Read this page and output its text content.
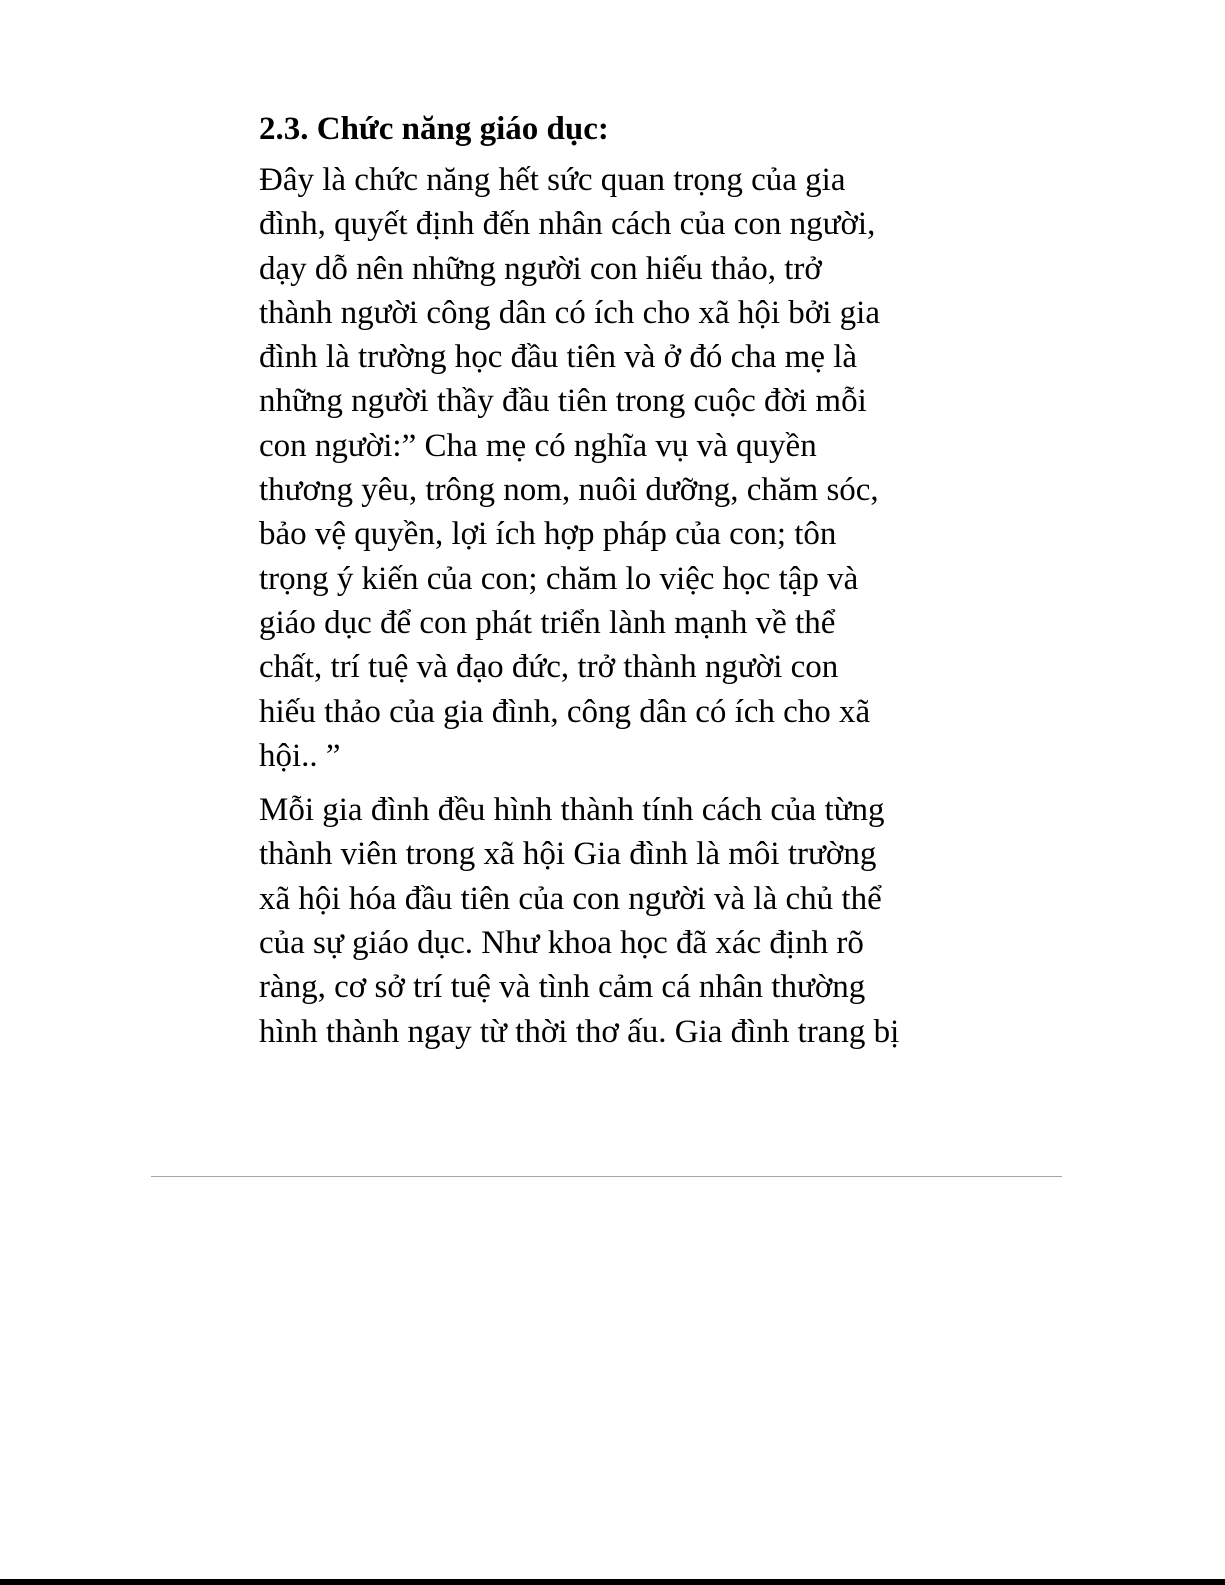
2.3. Chức năng giáo dục:
Đây là chức năng hết sức quan trọng của gia
đình, quyết định đến nhân cách của con người,
dạy dỗ nên những người con hiếu thảo, trở
thành người công dân có ích cho xã hội bởi gia
đình là trường học đầu tiên và ở đó cha mẹ là
những người thầy đầu tiên trong cuộc đời mỗi
con người:” Cha mẹ có nghĩa vụ và quyền
thương yêu, trông nom, nuôi dưỡng, chăm sóc,
bảo vệ quyền, lợi ích hợp pháp của con; tôn
trọng ý kiến của con; chăm lo việc học tập và
giáo dục để con phát triển lành mạnh về thể
chất, trí tuệ và đạo đức, trở thành người con
hiếu thảo của gia đình, công dân có ích cho xã
hội.. ”
Mỗi gia đình đều hình thành tính cách của từng
thành viên trong xã hội Gia đình là môi trường
xã hội hóa đầu tiên của con người và là chủ thể
của sự giáo dục. Như khoa học đã xác định rõ
ràng, cơ sở trí tuệ và tình cảm cá nhân thường
hình thành ngay từ thời thơ ấu. Gia đình trang bị
